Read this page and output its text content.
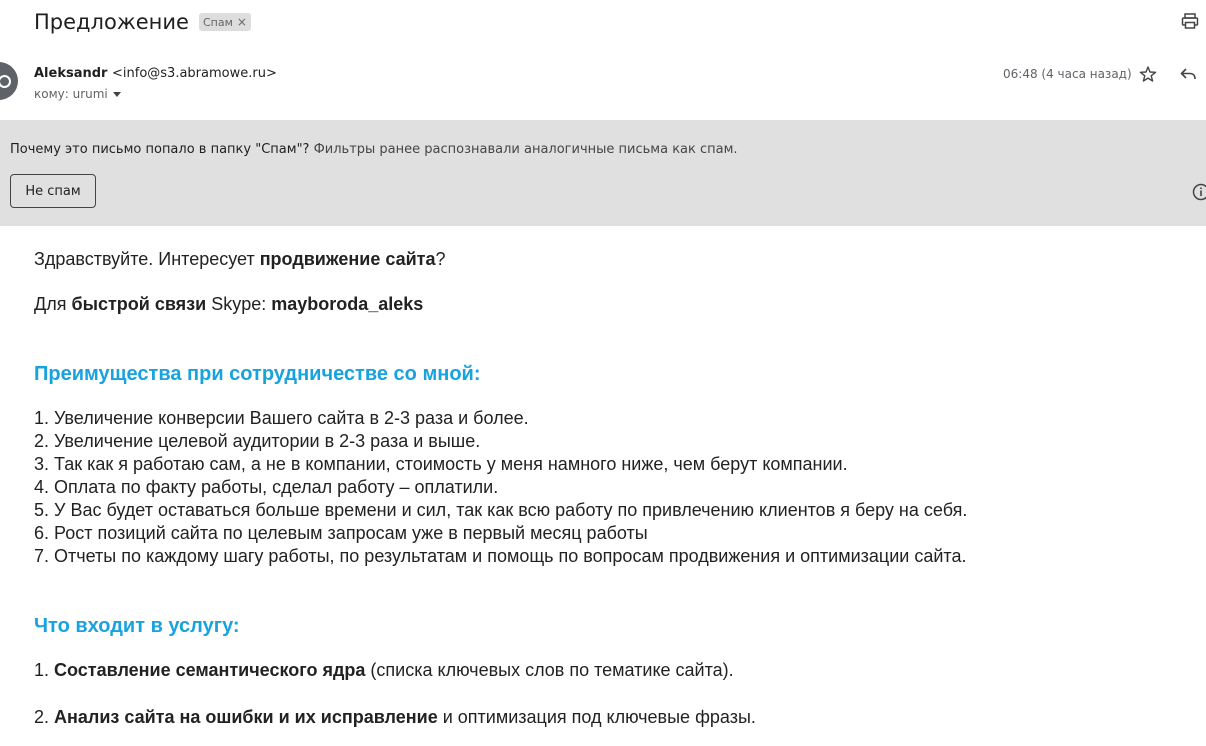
Предложение Спам ×
Aleksandr <info@s3.abramowe.ru>
кому: urumi
06:48 (4 часа назад)
Почему это письмо попало в папку "Спам"? Фильтры ранее распознавали аналогичные письма как спам.
Не спам
Здравствуйте. Интересует продвижение сайта?
Для быстрой связи Skype: mayboroda_aleks
Преимущества при сотрудничестве со мной:
1. Увеличение конверсии Вашего сайта в 2-3 раза и более.
2. Увеличение целевой аудитории в 2-3 раза и выше.
3. Так как я работаю сам, а не в компании, стоимость у меня намного ниже, чем берут компании.
4. Оплата по факту работы, сделал работу – оплатили.
5. У Вас будет оставаться больше времени и сил, так как всю работу по привлечению клиентов я беру на себя.
6. Рост позиций сайта по целевым запросам уже в первый месяц работы
7. Отчеты по каждому шагу работы, по результатам и помощь по вопросам продвижения и оптимизации сайта.
Что входит в услугу:
1. Составление семантического ядра (списка ключевых слов по тематике сайта).
2. Анализ сайта на ошибки и их исправление и оптимизация под ключевые фразы.
